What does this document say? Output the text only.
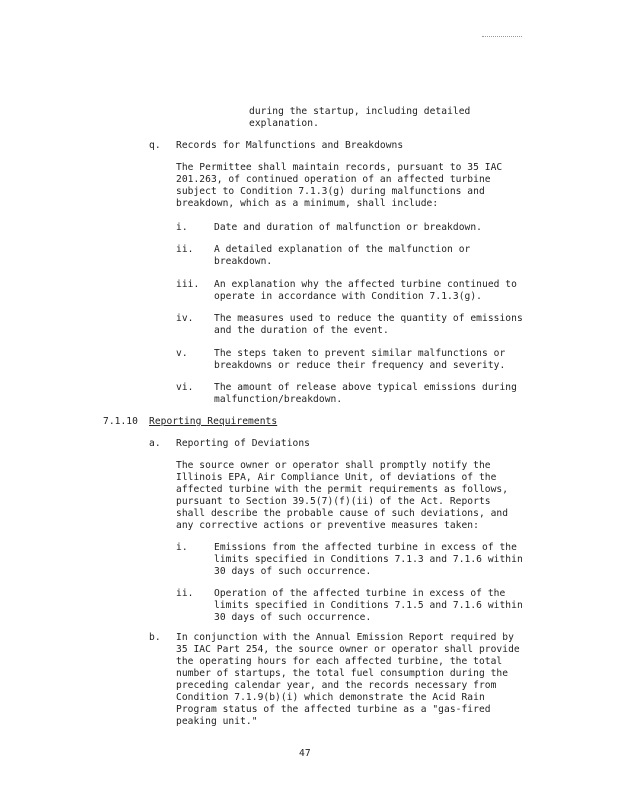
during the startup, including detailed
explanation.
q. Records for Malfunctions and Breakdowns
The Permittee shall maintain records, pursuant to 35 IAC
201.263, of continued operation of an affected turbine
subject to Condition 7.1.3(g) during malfunctions and
breakdown, which as a minimum, shall include:
i.	Date and duration of malfunction or breakdown.
ii. A detailed explanation of the malfunction or
breakdown.
iii. An explanation why the affected turbine continued to
operate in accordance with Condition 7.1.3(g).
iv. The measures used to reduce the quantity of emissions
and the duration of the event.
v.	The steps taken to prevent similar malfunctions or
breakdowns or reduce their frequency and severity.
vi. The amount of release above typical emissions during
malfunction/breakdown.
7.1.10 Reporting Requirements
a. Reporting of Deviations
The source owner or operator shall promptly notify the
Illinois EPA, Air Compliance Unit, of deviations of the
affected turbine with the permit requirements as follows,
pursuant to Section 39.5(7)(f)(ii) of the Act. Reports
shall describe the probable cause of such deviations, and
any corrective actions or preventive measures taken:
i.	Emissions from the affected turbine in excess of the
limits specified in Conditions 7.1.3 and 7.1.6 within
30 days of such occurrence.
ii. Operation of the affected turbine in excess of the
limits specified in Conditions 7.1.5 and 7.1.6 within
30 days of such occurrence.
b. In conjunction with the Annual Emission Report required by
35 IAC Part 254, the source owner or operator shall provide
the operating hours for each affected turbine, the total
number of startups, the total fuel consumption during the
preceding calendar year, and the records necessary from
Condition 7.1.9(b)(i) which demonstrate the Acid Rain
Program status of the affected turbine as a "gas-fired
peaking unit."
47
